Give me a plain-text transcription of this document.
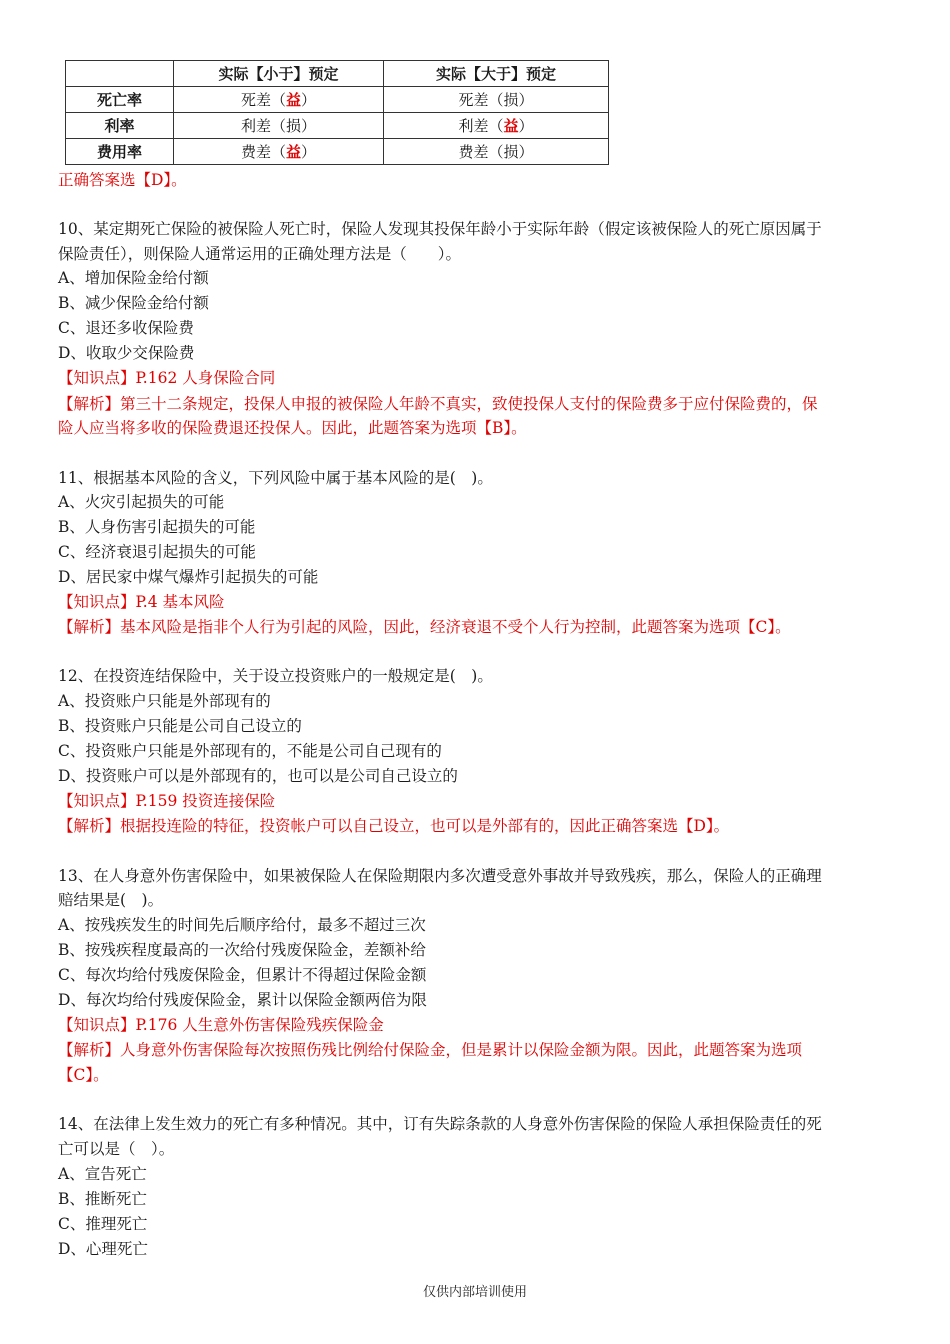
	实际【小于】预定	实际【大于】预定
死亡率	死差（益）	死差（损）
利率	利差（损）	利差（益）
费用率	费差（益）	费差（损）
正确答案选【D】。
10、某定期死亡保险的被保险人死亡时，保险人发现其投保年龄小于实际年龄（假定该被保险人的死亡原因属于
保险责任），则保险人通常运用的正确处理方法是（　　）。
A、增加保险金给付额
B、减少保险金给付额
C、退还多收保险费
D、收取少交保险费
【知识点】P.162 人身保险合同
【解析】第三十二条规定，投保人申报的被保险人年龄不真实，致使投保人支付的保险费多于应付保险费的，保
险人应当将多收的保险费退还投保人。因此，此题答案为选项【B】。
11、根据基本风险的含义，下列风险中属于基本风险的是(　)。
A、火灾引起损失的可能
B、人身伤害引起损失的可能
C、经济衰退引起损失的可能
D、居民家中煤气爆炸引起损失的可能
【知识点】P.4 基本风险
【解析】基本风险是指非个人行为引起的风险，因此，经济衰退不受个人行为控制，此题答案为选项【C】。
12、在投资连结保险中，关于设立投资账户的一般规定是(　)。
A、投资账户只能是外部现有的
B、投资账户只能是公司自己设立的
C、投资账户只能是外部现有的，不能是公司自己现有的
D、投资账户可以是外部现有的，也可以是公司自己设立的
【知识点】P.159 投资连接保险
【解析】根据投连险的特征，投资帐户可以自己设立，也可以是外部有的，因此正确答案选【D】。
13、在人身意外伤害保险中，如果被保险人在保险期限内多次遭受意外事故并导致残疾，那么，保险人的正确理
赔结果是(　)。
A、按残疾发生的时间先后顺序给付，最多不超过三次
B、按残疾程度最高的一次给付残废保险金，差额补给
C、每次均给付残废保险金，但累计不得超过保险金额
D、每次均给付残废保险金，累计以保险金额两倍为限
【知识点】P.176 人生意外伤害保险残疾保险金
【解析】人身意外伤害保险每次按照伤残比例给付保险金，但是累计以保险金额为限。因此，此题答案为选项
【C】。
14、在法律上发生效力的死亡有多种情况。其中，订有失踪条款的人身意外伤害保险的保险人承担保险责任的死
亡可以是（　）。
A、宣告死亡
B、推断死亡
C、推理死亡
D、心理死亡
仅供内部培训使用
